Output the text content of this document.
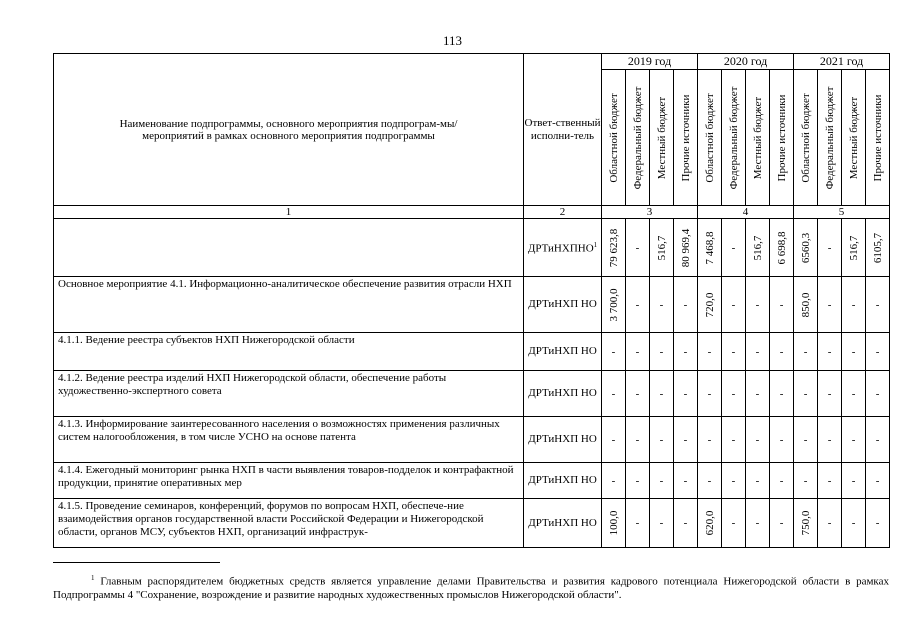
113
Наименование подпрограммы, основного мероприятия подпрограм-мы/мероприятий в рамках основного мероприятия подпрограммы	Ответ-ственный исполни-тель	2019 год				2020 год				2021 год			

		Областной бюджет	Федеральный бюджет	Местный бюджет	Прочие источники	Областной бюджет	Федеральный бюджет	Местный бюджет	Прочие источники	Областной бюджет	Федеральный бюджет	Местный бюджет	Прочие источники

1	2	3				4				5			
	ДРТиНХПНО$^1$	79 623,8	-	516,7	80 969,4	7 468,8	-	516,7	6 698,8	6560,3	-	516,7	6105,7

Основное мероприятие 4.1. Информационно-аналитическое обеспечение развития отрасли НХП	ДРТиНХП НО	3 700,0	-	-	-	720,0	-	-	-	850,0	-	-	-
4.1.1. Ведение реестра субъектов НХП Нижегородской области	ДРТиНХП НО	-	-	-	-	-	-	-	-	-	-	-	-
4.1.2. Ведение реестра изделий НХП Нижегородской области, обеспечение работы художественно-экспертного совета	ДРТиНХП НО	-	-	-	-	-	-	-	-	-	-	-	-
4.1.3. Информирование заинтересованного населения о возможностях применения различных систем налогообложения, в том числе УСНО на основе патента	ДРТиНХП НО	-	-	-	-	-	-	-	-	-	-	-	-
4.1.4. Ежегодный мониторинг рынка НХП в части выявления товаров-подделок и контрафактной продукции, принятие оперативных мер	ДРТиНХП НО	-	-	-	-	-	-	-	-	-	-	-	-
4.1.5. Проведение семинаров, конференций, форумов по вопросам НХП, обеспече-ние взаимодействия органов государственной власти Российской Федерации и Нижегородской области, органов МСУ, субъектов НХП, организаций инфраструк-	ДРТиНХП НО	100,0	-	-	-	620,0	-	-	-	750,0	-	-	-
$^1$ Главным распорядителем бюджетных средств является управление делами Правительства и развития кадрового потенциала Нижегородской области в рамках Подпрограммы 4 "Сохранение, возрождение и развитие народных художественных промыслов Нижегородской области".
